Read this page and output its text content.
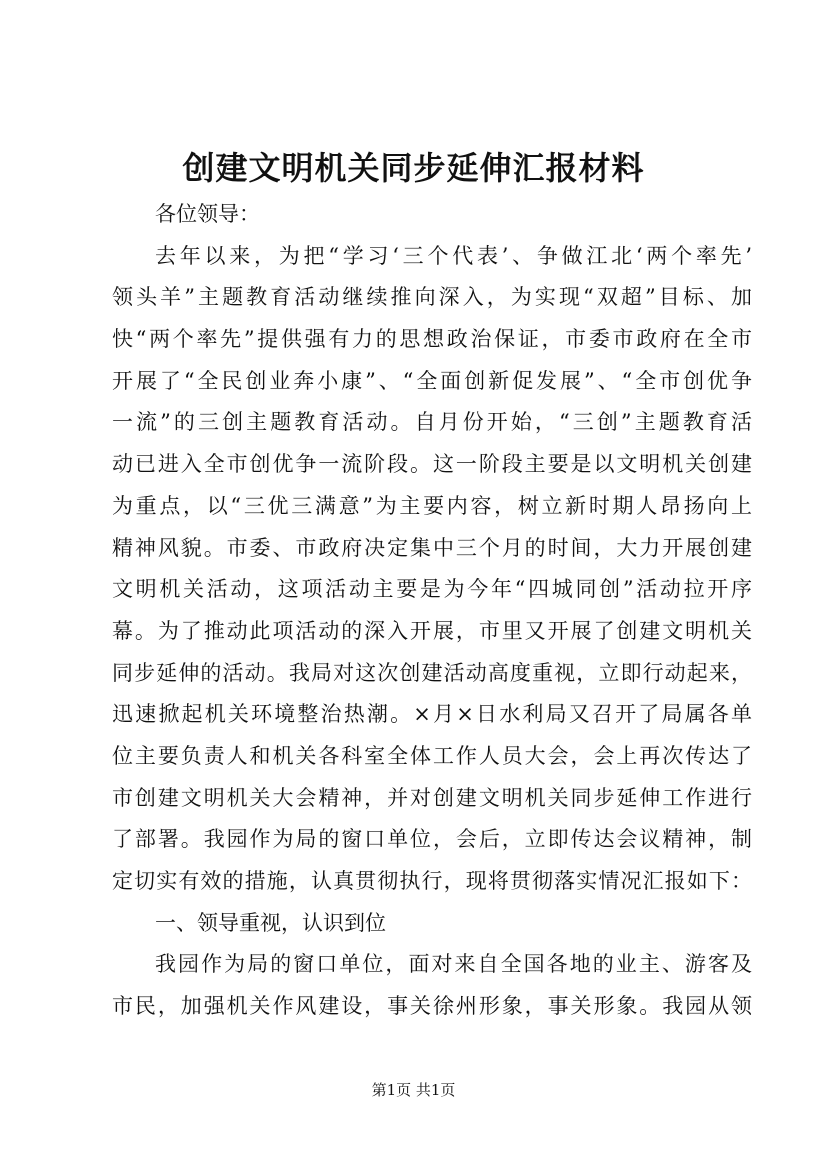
创建文明机关同步延伸汇报材料
各位领导：
去年以来，为把“学习‘三个代表’、争做江北‘两个率先’
领头羊”主题教育活动继续推向深入，为实现“双超”目标、加
快“两个率先”提供强有力的思想政治保证，市委市政府在全市
开展了“全民创业奔小康”、“全面创新促发展”、“全市创优争
一流”的三创主题教育活动。自月份开始，“三创”主题教育活
动已进入全市创优争一流阶段。这一阶段主要是以文明机关创建
为重点，以“三优三满意”为主要内容，树立新时期人昂扬向上
精神风貌。市委、市政府决定集中三个月的时间，大力开展创建
文明机关活动，这项活动主要是为今年“四城同创”活动拉开序
幕。为了推动此项活动的深入开展，市里又开展了创建文明机关
同步延伸的活动。我局对这次创建活动高度重视，立即行动起来，
迅速掀起机关环境整治热潮。×月×日水利局又召开了局属各单
位主要负责人和机关各科室全体工作人员大会，会上再次传达了
市创建文明机关大会精神，并对创建文明机关同步延伸工作进行
了部署。我园作为局的窗口单位，会后，立即传达会议精神，制
定切实有效的措施，认真贯彻执行，现将贯彻落实情况汇报如下：
一、领导重视，认识到位
我园作为局的窗口单位，面对来自全国各地的业主、游客及
市民，加强机关作风建设，事关徐州形象，事关形象。我园从领
第1页 共1页
